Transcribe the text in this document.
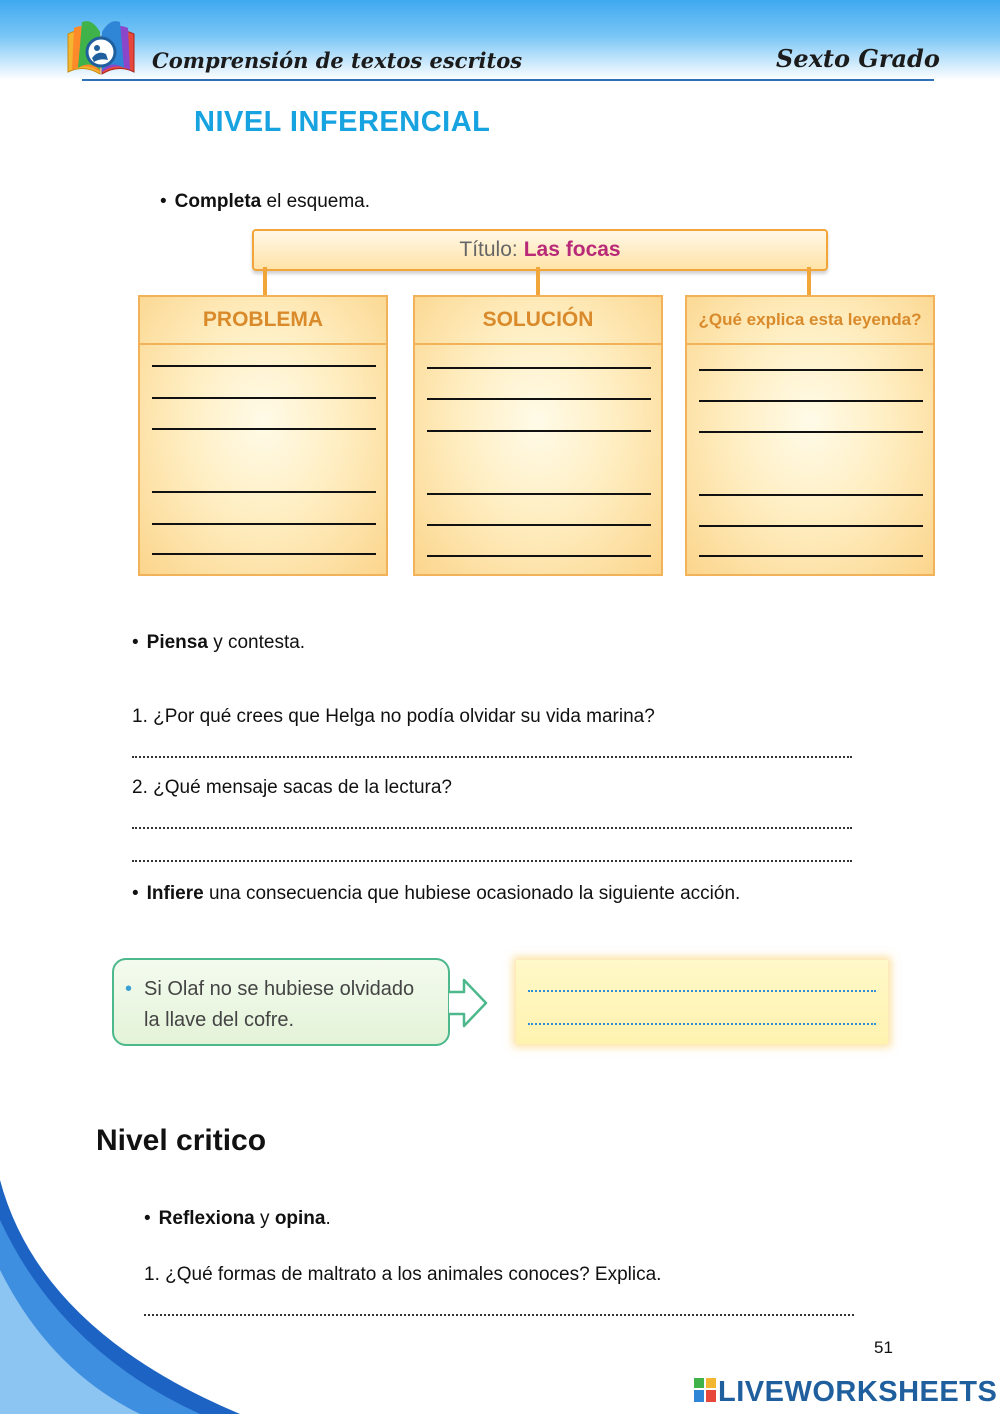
Comprensión de textos escritos	Sexto Grado
NIVEL INFERENCIAL
• Completa el esquema.
Título: Las focas
PROBLEMA	SOLUCIÓN	¿Qué explica esta leyenda?
• Piensa y contesta.
1. ¿Por qué crees que Helga no podía olvidar su vida marina?
2. ¿Qué mensaje sacas de la lectura?
• Infiere una consecuencia que hubiese ocasionado la siguiente acción.
• Si Olaf no se hubiese olvidado
la llave del cofre.
Nivel critico
• Reflexiona y opina.
1. ¿Qué formas de maltrato a los animales conoces? Explica.
51
LIVEWORKSHEETS
